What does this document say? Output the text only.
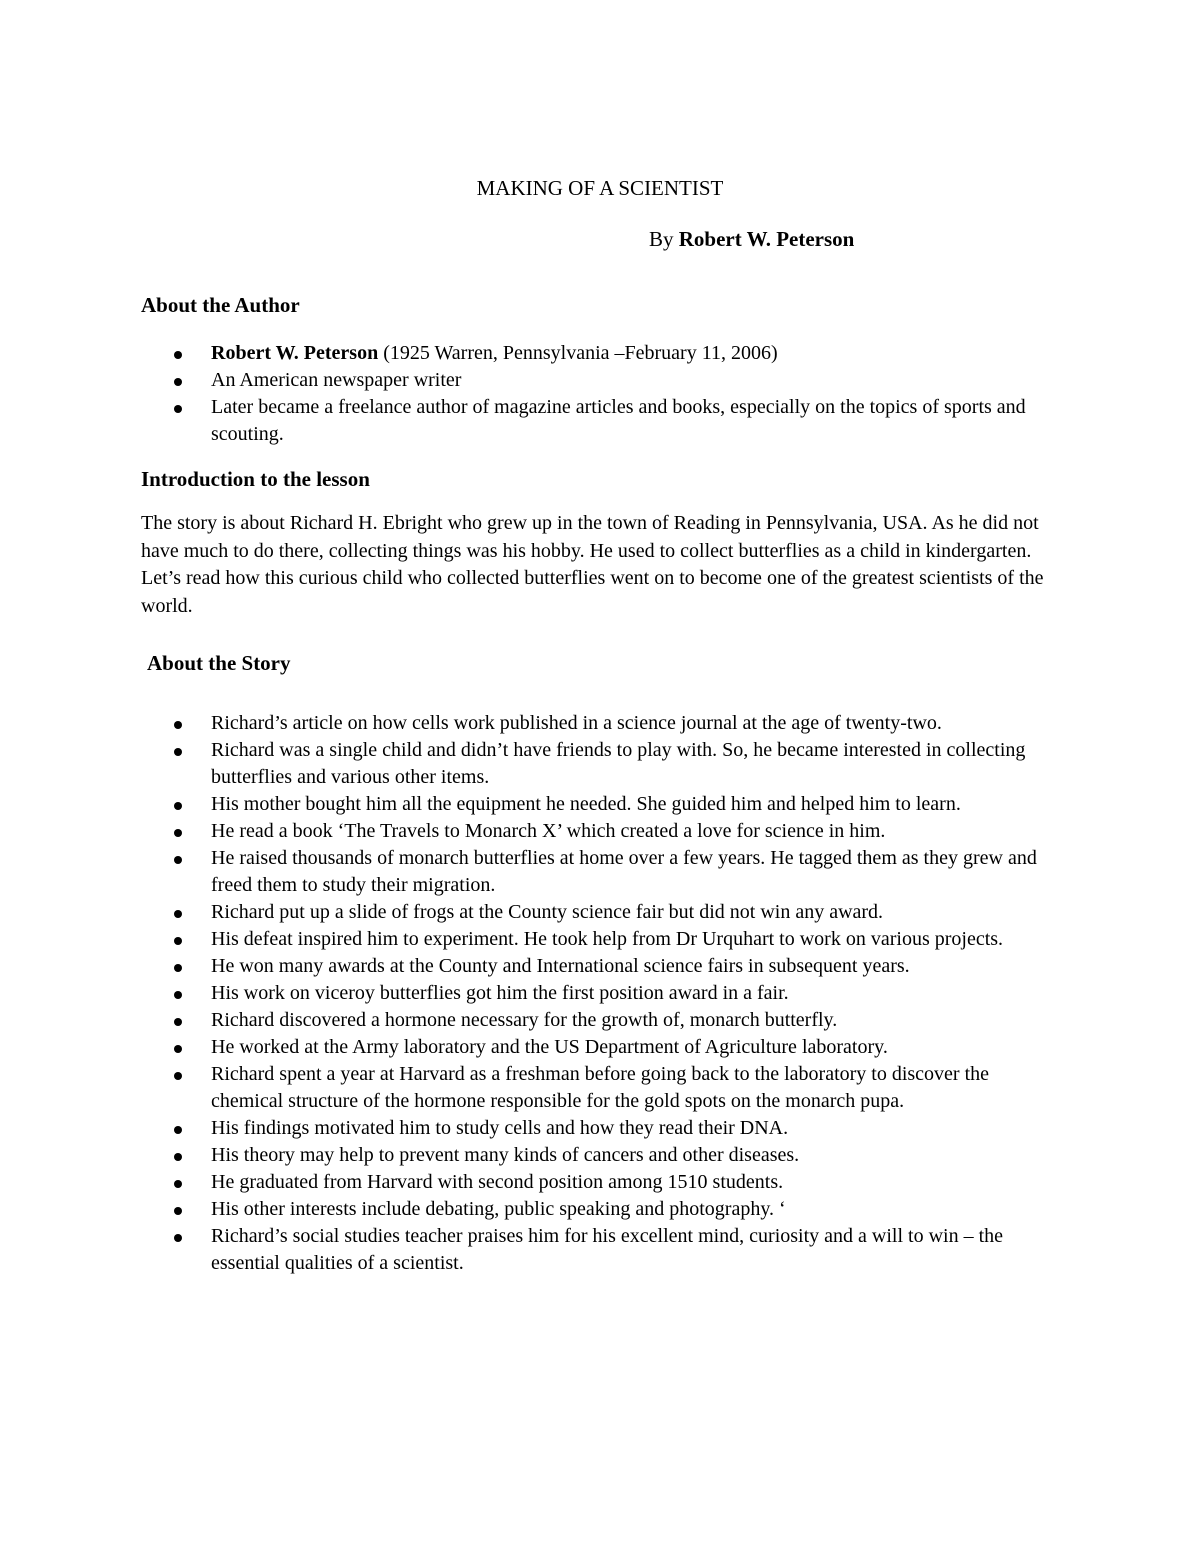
MAKING OF A SCIENTIST

By Robert W. Peterson

About the Author
Robert W. Peterson (1925 Warren, Pennsylvania –February 11, 2006)
An American newspaper writer
Later became a freelance author of magazine articles and books, especially on the topics of sports and scouting.
Introduction to the lesson

The story is about Richard H. Ebright who grew up in the town of Reading in Pennsylvania, USA. As he did not have much to do there, collecting things was his hobby. He used to collect butterflies as a child in kindergarten. Let’s read how this curious child who collected butterflies went on to become one of the greatest scientists of the world.

About the Story
Richard’s article on how cells work published in a science journal at the age of twenty-two.
Richard was a single child and didn’t have friends to play with. So, he became interested in collecting butterflies and various other items.
His mother bought him all the equipment he needed. She guided him and helped him to learn.
He read a book ‘The Travels to Monarch X’ which created a love for science in him.
He raised thousands of monarch butterflies at home over a few years. He tagged them as they grew and freed them to study their migration.
Richard put up a slide of frogs at the County science fair but did not win any award.
His defeat inspired him to experiment. He took help from Dr Urquhart to work on various projects.
He won many awards at the County and International science fairs in subsequent years.
His work on viceroy butterflies got him the first position award in a fair.
Richard discovered a hormone necessary for the growth of, monarch butterfly.
He worked at the Army laboratory and the US Department of Agriculture laboratory.
Richard spent a year at Harvard as a freshman before going back to the laboratory to discover the chemical structure of the hormone responsible for the gold spots on the monarch pupa.
His findings motivated him to study cells and how they read their DNA.
His theory may help to prevent many kinds of cancers and other diseases.
He graduated from Harvard with second position among 1510 students.
His other interests include debating, public speaking and photography. ‘
Richard’s social studies teacher praises him for his excellent mind, curiosity and a will to win – the essential qualities of a scientist.
